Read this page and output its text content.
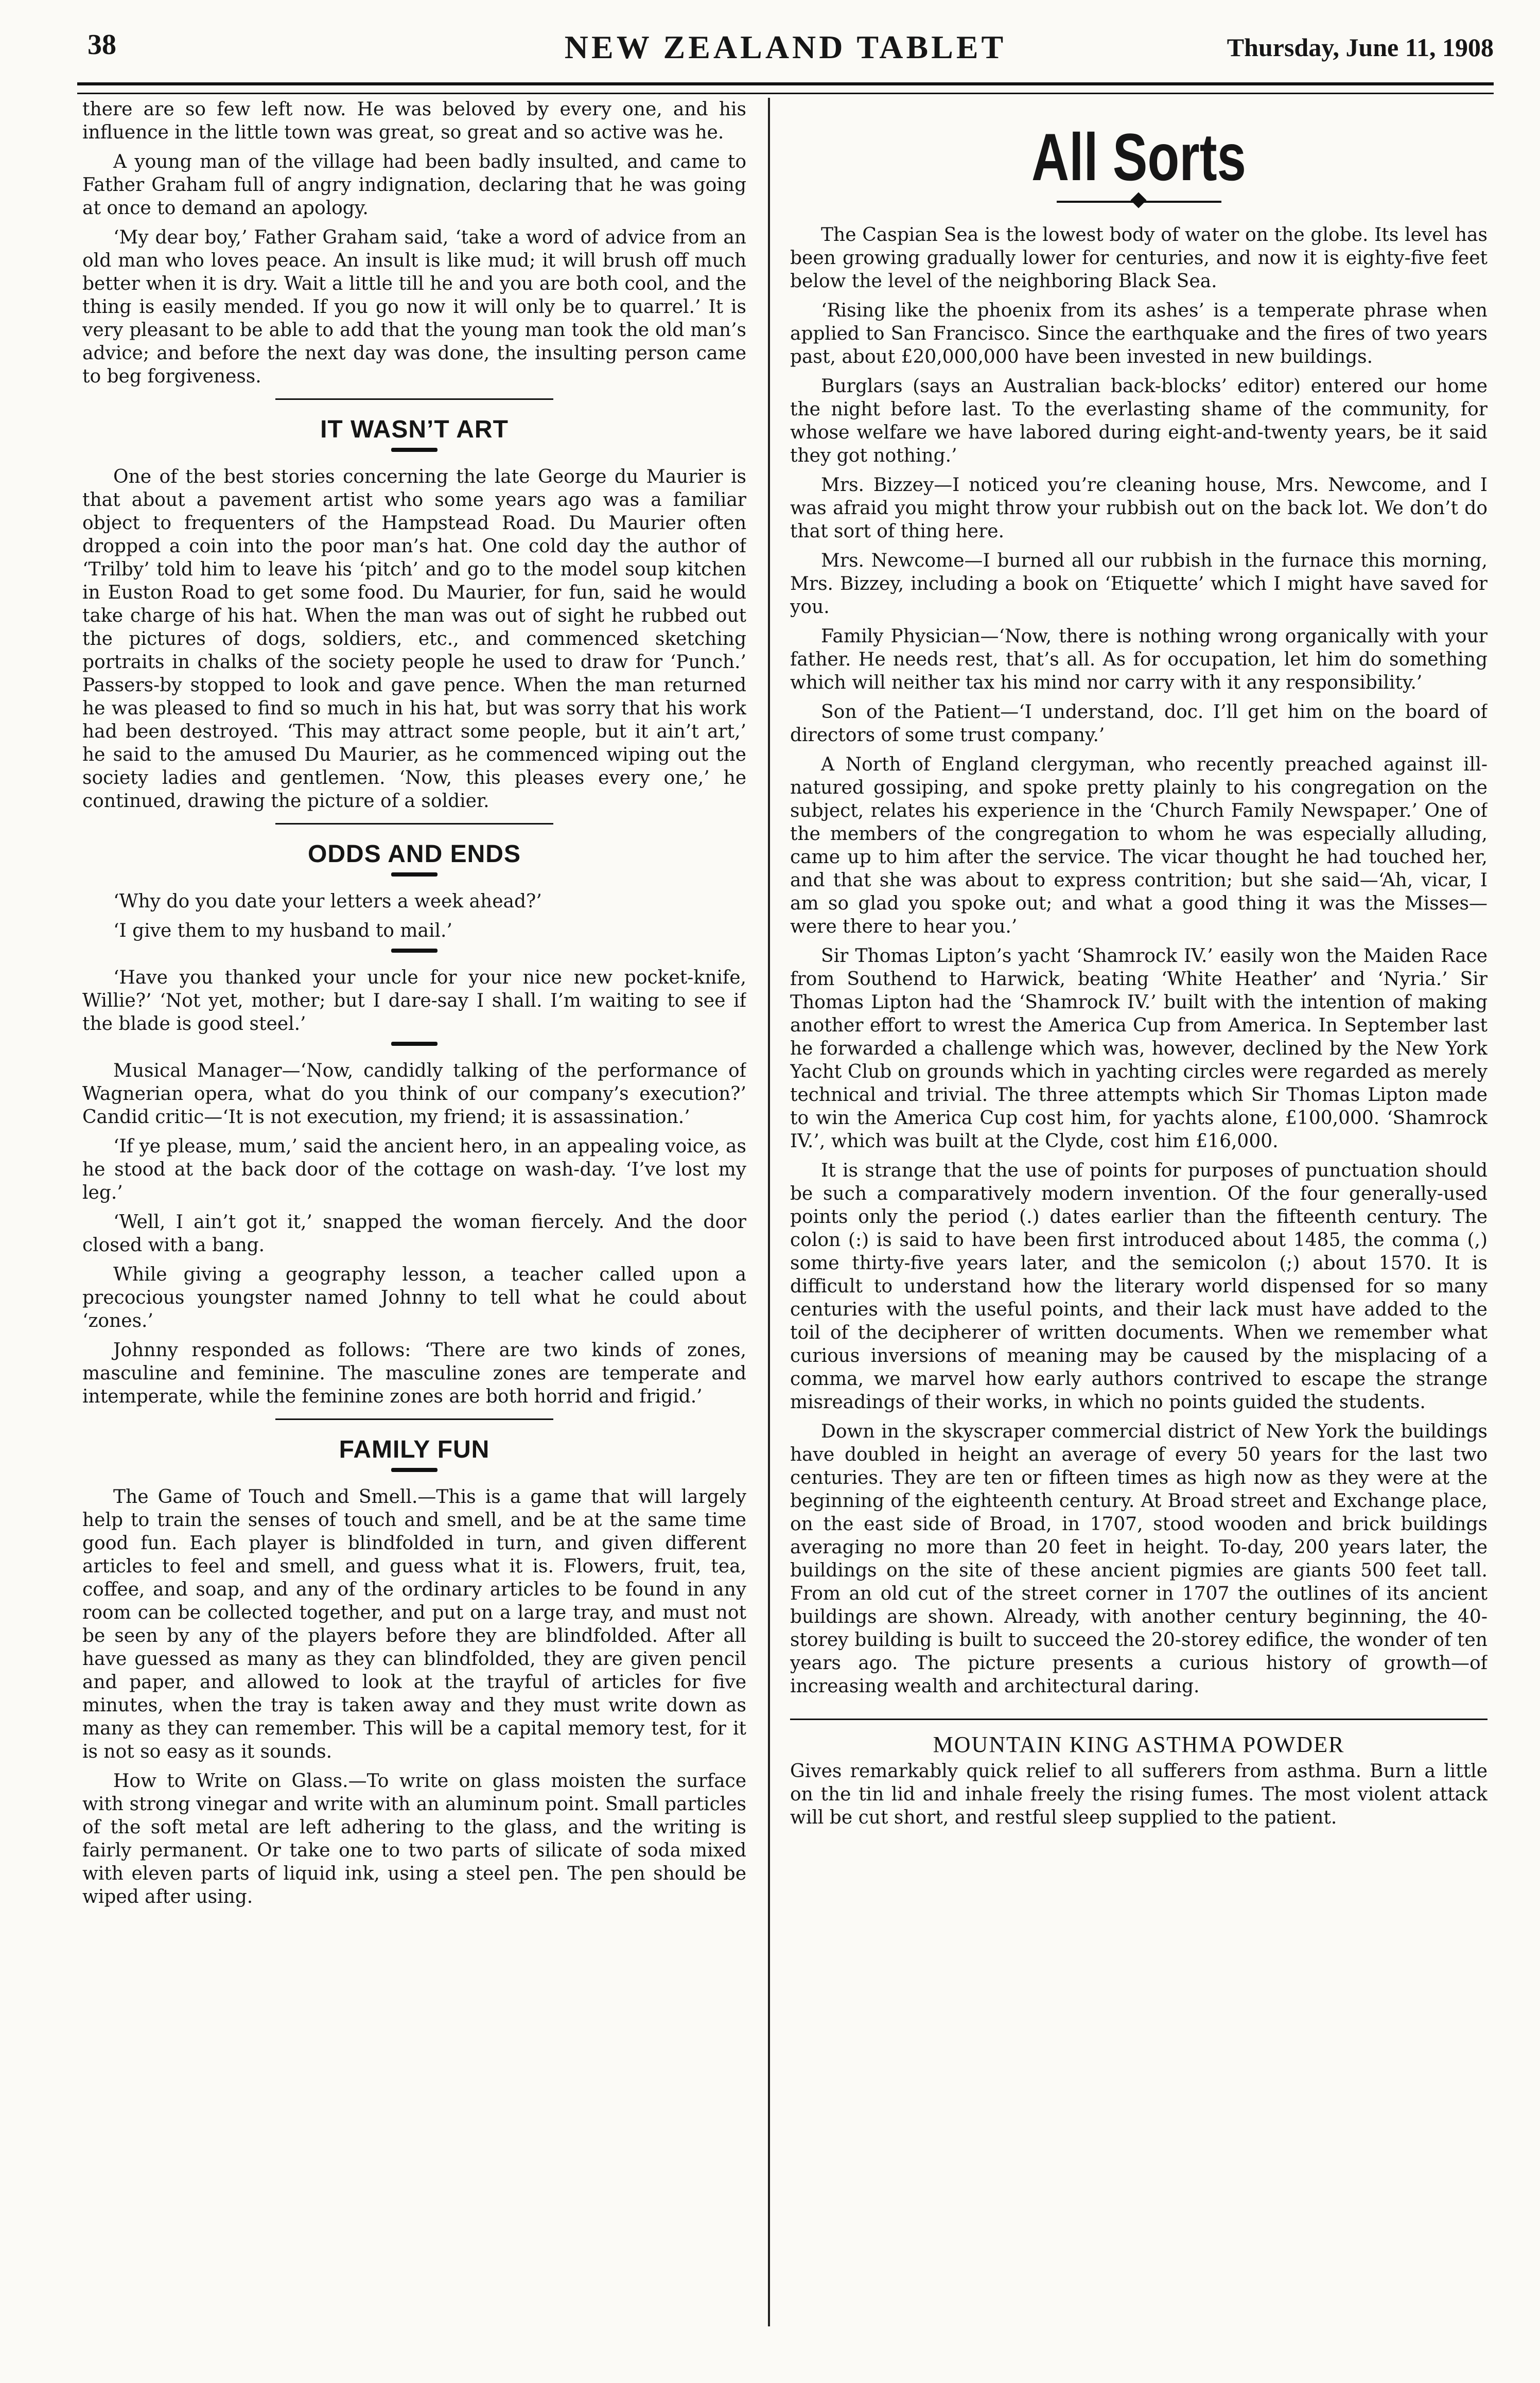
38	NEW ZEALAND TABLET	Thursday, June 11, 1908

there are so few left now. He was beloved by every one, and his influence in the little town was great, so great and so active was he.

A young man of the village had been badly insulted, and came to Father Graham full of angry indignation, declaring that he was going at once to demand an apology.

‘My dear boy,’ Father Graham said, ‘take a word of advice from an old man who loves peace. An insult is like mud; it will brush off much better when it is dry. Wait a little till he and you are both cool, and the thing is easily mended. If you go now it will only be to quarrel.’ It is very pleasant to be able to add that the young man took the old man’s advice; and before the next day was done, the insulting person came to beg forgiveness.

IT WASN’T ART

One of the best stories concerning the late George du Maurier is that about a pavement artist who some years ago was a familiar object to frequenters of the Hampstead Road. Du Maurier often dropped a coin into the poor man’s hat. One cold day the author of ‘Trilby’ told him to leave his ‘pitch’ and go to the model soup kitchen in Euston Road to get some food. Du Maurier, for fun, said he would take charge of his hat. When the man was out of sight he rubbed out the pictures of dogs, soldiers, etc., and commenced sketching portraits in chalks of the society people he used to draw for ‘Punch.’ Passers-by stopped to look and gave pence. When the man returned he was pleased to find so much in his hat, but was sorry that his work had been destroyed. ‘This may attract some people, but it ain’t art,’ he said to the amused Du Maurier, as he commenced wiping out the society ladies and gentlemen. ‘Now, this pleases every one,’ he continued, drawing the picture of a soldier.

ODDS AND ENDS

‘Why do you date your letters a week ahead?’

‘I give them to my husband to mail.’

‘Have you thanked your uncle for your nice new pocket-knife, Willie?’ ‘Not yet, mother; but I dare-say I shall. I’m waiting to see if the blade is good steel.’

Musical Manager—‘Now, candidly talking of the performance of Wagnerian opera, what do you think of our company’s execution?’ Candid critic—‘It is not execution, my friend; it is assassination.’

‘If ye please, mum,’ said the ancient hero, in an appealing voice, as he stood at the back door of the cottage on wash-day. ‘I’ve lost my leg.’

‘Well, I ain’t got it,’ snapped the woman fiercely. And the door closed with a bang.

While giving a geography lesson, a teacher called upon a precocious youngster named Johnny to tell what he could about ‘zones.’

Johnny responded as follows: ‘There are two kinds of zones, masculine and feminine. The masculine zones are temperate and intemperate, while the feminine zones are both horrid and frigid.’

FAMILY FUN

The Game of Touch and Smell.—This is a game that will largely help to train the senses of touch and smell, and be at the same time good fun. Each player is blindfolded in turn, and given different articles to feel and smell, and guess what it is. Flowers, fruit, tea, coffee, and soap, and any of the ordinary articles to be found in any room can be collected together, and put on a large tray, and must not be seen by any of the players before they are blindfolded. After all have guessed as many as they can blindfolded, they are given pencil and paper, and allowed to look at the trayful of articles for five minutes, when the tray is taken away and they must write down as many as they can remember. This will be a capital memory test, for it is not so easy as it sounds.

How to Write on Glass.—To write on glass moisten the surface with strong vinegar and write with an aluminum point. Small particles of the soft metal are left adhering to the glass, and the writing is fairly permanent. Or take one to two parts of silicate of soda mixed with eleven parts of liquid ink, using a steel pen. The pen should be wiped after using.

All Sorts

The Caspian Sea is the lowest body of water on the globe. Its level has been growing gradually lower for centuries, and now it is eighty-five feet below the level of the neighboring Black Sea.

‘Rising like the phoenix from its ashes’ is a temperate phrase when applied to San Francisco. Since the earthquake and the fires of two years past, about £20,000,000 have been invested in new buildings.

Burglars (says an Australian back-blocks’ editor) entered our home the night before last. To the everlasting shame of the community, for whose welfare we have labored during eight-and-twenty years, be it said they got nothing.’

Mrs. Bizzey—I noticed you’re cleaning house, Mrs. Newcome, and I was afraid you might throw your rubbish out on the back lot. We don’t do that sort of thing here.

Mrs. Newcome—I burned all our rubbish in the furnace this morning, Mrs. Bizzey, including a book on ‘Etiquette’ which I might have saved for you.

Family Physician—‘Now, there is nothing wrong organically with your father. He needs rest, that’s all. As for occupation, let him do something which will neither tax his mind nor carry with it any responsibility.’

Son of the Patient—‘I understand, doc. I’ll get him on the board of directors of some trust company.’

A North of England clergyman, who recently preached against ill-natured gossiping, and spoke pretty plainly to his congregation on the subject, relates his experience in the ‘Church Family Newspaper.’ One of the members of the congregation to whom he was especially alluding, came up to him after the service. The vicar thought he had touched her, and that she was about to express contrition; but she said—‘Ah, vicar, I am so glad you spoke out; and what a good thing it was the Misses— were there to hear you.’

Sir Thomas Lipton’s yacht ‘Shamrock IV.’ easily won the Maiden Race from Southend to Harwick, beating ‘White Heather’ and ‘Nyria.’ Sir Thomas Lipton had the ‘Shamrock IV.’ built with the intention of making another effort to wrest the America Cup from America. In September last he forwarded a challenge which was, however, declined by the New York Yacht Club on grounds which in yachting circles were regarded as merely technical and trivial. The three attempts which Sir Thomas Lipton made to win the America Cup cost him, for yachts alone, £100,000. ‘Shamrock IV.’, which was built at the Clyde, cost him £16,000.

It is strange that the use of points for purposes of punctuation should be such a comparatively modern invention. Of the four generally-used points only the period (.) dates earlier than the fifteenth century. The colon (:) is said to have been first introduced about 1485, the comma (,) some thirty-five years later, and the semicolon (;) about 1570. It is difficult to understand how the literary world dispensed for so many centuries with the useful points, and their lack must have added to the toil of the decipherer of written documents. When we remember what curious inversions of meaning may be caused by the misplacing of a comma, we marvel how early authors contrived to escape the strange misreadings of their works, in which no points guided the students.

Down in the skyscraper commercial district of New York the buildings have doubled in height an average of every 50 years for the last two centuries. They are ten or fifteen times as high now as they were at the beginning of the eighteenth century. At Broad street and Exchange place, on the east side of Broad, in 1707, stood wooden and brick buildings averaging no more than 20 feet in height. To-day, 200 years later, the buildings on the site of these ancient pigmies are giants 500 feet tall. From an old cut of the street corner in 1707 the outlines of its ancient buildings are shown. Already, with another century beginning, the 40-storey building is built to succeed the 20-storey edifice, the wonder of ten years ago. The picture presents a curious history of growth—of increasing wealth and architectural daring.

MOUNTAIN KING ASTHMA POWDER

Gives remarkably quick relief to all sufferers from asthma. Burn a little on the tin lid and inhale freely the rising fumes. The most violent attack will be cut short, and restful sleep supplied to the patient.
